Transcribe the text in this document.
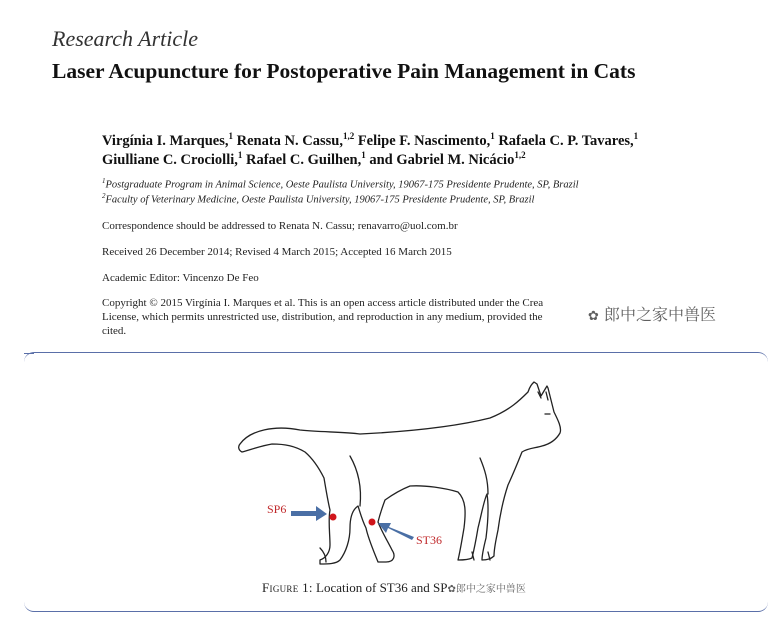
Research Article
Laser Acupuncture for Postoperative Pain Management in Cats
Virgínia I. Marques,$^1$ Renata N. Cassu,$^{1,2}$ Felipe F. Nascimento,$^1$ Rafaela C. P. Tavares,$^1$
Giulliane C. Crociolli,$^1$ Rafael C. Guilhen,$^1$ and Gabriel M. Nicácio$^{1,2}$
$^1$Postgraduate Program in Animal Science, Oeste Paulista University, 19067-175 Presidente Prudente, SP, Brazil
$^2$Faculty of Veterinary Medicine, Oeste Paulista University, 19067-175 Presidente Prudente, SP, Brazil
Correspondence should be addressed to Renata N. Cassu; renavarro@uol.com.br
Received 26 December 2014; Revised 4 March 2015; Accepted 16 March 2015
Academic Editor: Vincenzo De Feo
Copyright © 2015 Virgínia I. Marques et al. This is an open access article distributed under the Crea
License, which permits unrestricted use, distribution, and reproduction in any medium, provided the
cited.
✿ 郎中之家中兽医
SP6
ST36
Figure 1: Location of ST36 and SP✿郎中之家中兽医
